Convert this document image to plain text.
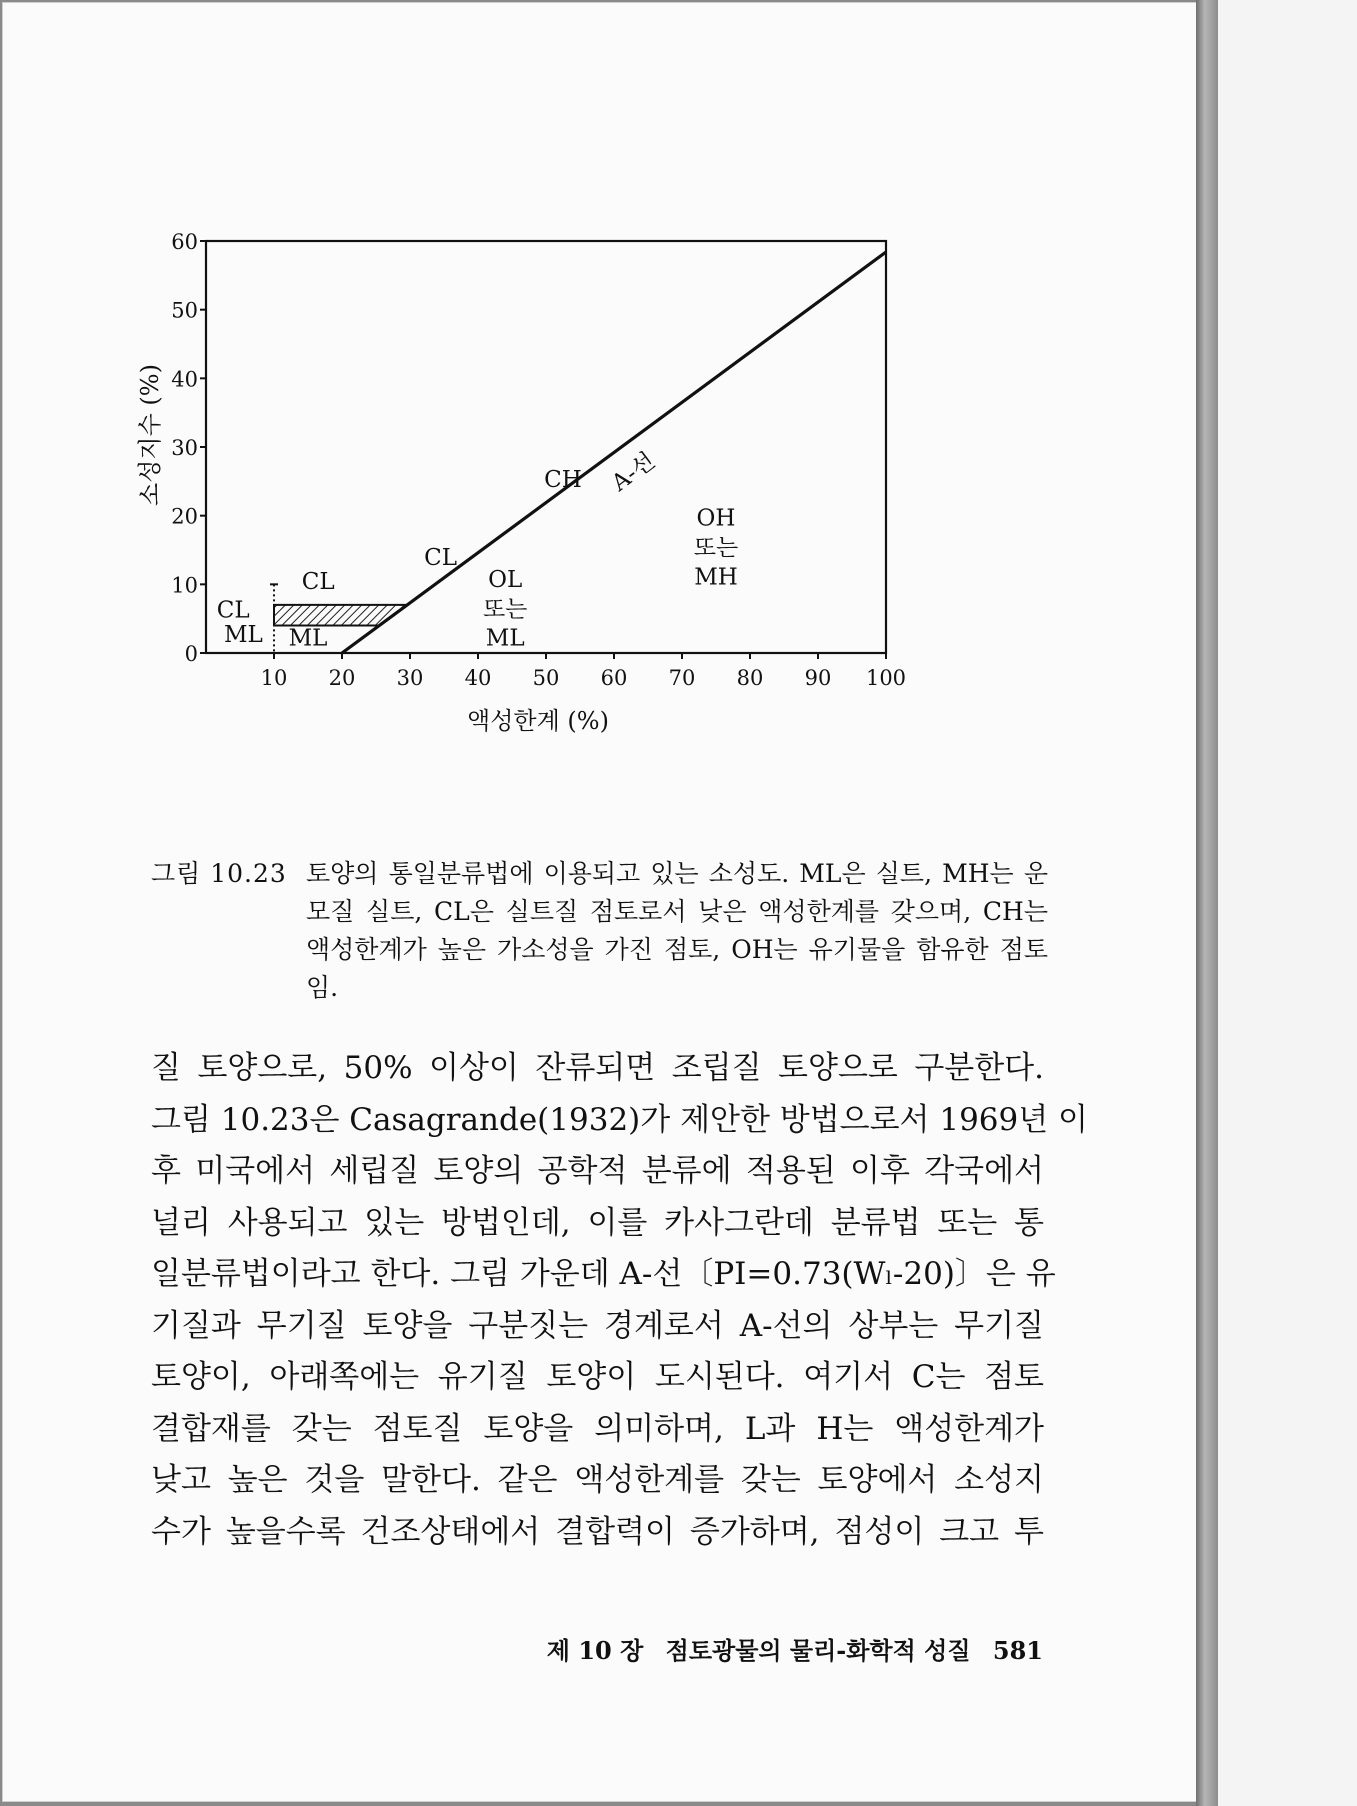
0
10
20
30
40
50
60
10 20 30 40 50 60 70 80 90 100
액성한계 (%)
소성지수 (%)	CH A-선
CL
CL
CL
ML ML
OL
또는
ML
OH
또는
MH
그림 10.23 토양의 통일분류법에 이용되고 있는 소성도. ML은 실트, MH는 운모질 실트, CL은 실트질 점토로서 낮은 액성한계를 갖으며, CH는 액성한계가 높은 가소성을 가진 점토, OH는 유기물을 함유한 점토임.

질 토양으로, 50% 이상이 잔류되면 조립질 토양으로 구분한다.

그림 10.23은 Casagrande(1932)가 제안한 방법으로서 1969년 이

후 미국에서 세립질 토양의 공학적 분류에 적용된 이후 각국에서

널리 사용되고 있는 방법인데, 이를 카사그란데 분류법 또는 통

일분류법이라고 한다. 그림 가운데 A-선〔PI=0.73(Wₗ-20)〕은 유

기질과 무기질 토양을 구분짓는 경계로서 A-선의 상부는 무기질

토양이, 아래쪽에는 유기질 토양이 도시된다. 여기서 C는 점토

결합재를 갖는 점토질 토양을 의미하며, L과 H는 액성한계가

낮고 높은 것을 말한다. 같은 액성한계를 갖는 토양에서 소성지

수가 높을수록 건조상태에서 결합력이 증가하며, 점성이 크고 투

제 10 장 점토광물의 물리-화학적 성질 581
